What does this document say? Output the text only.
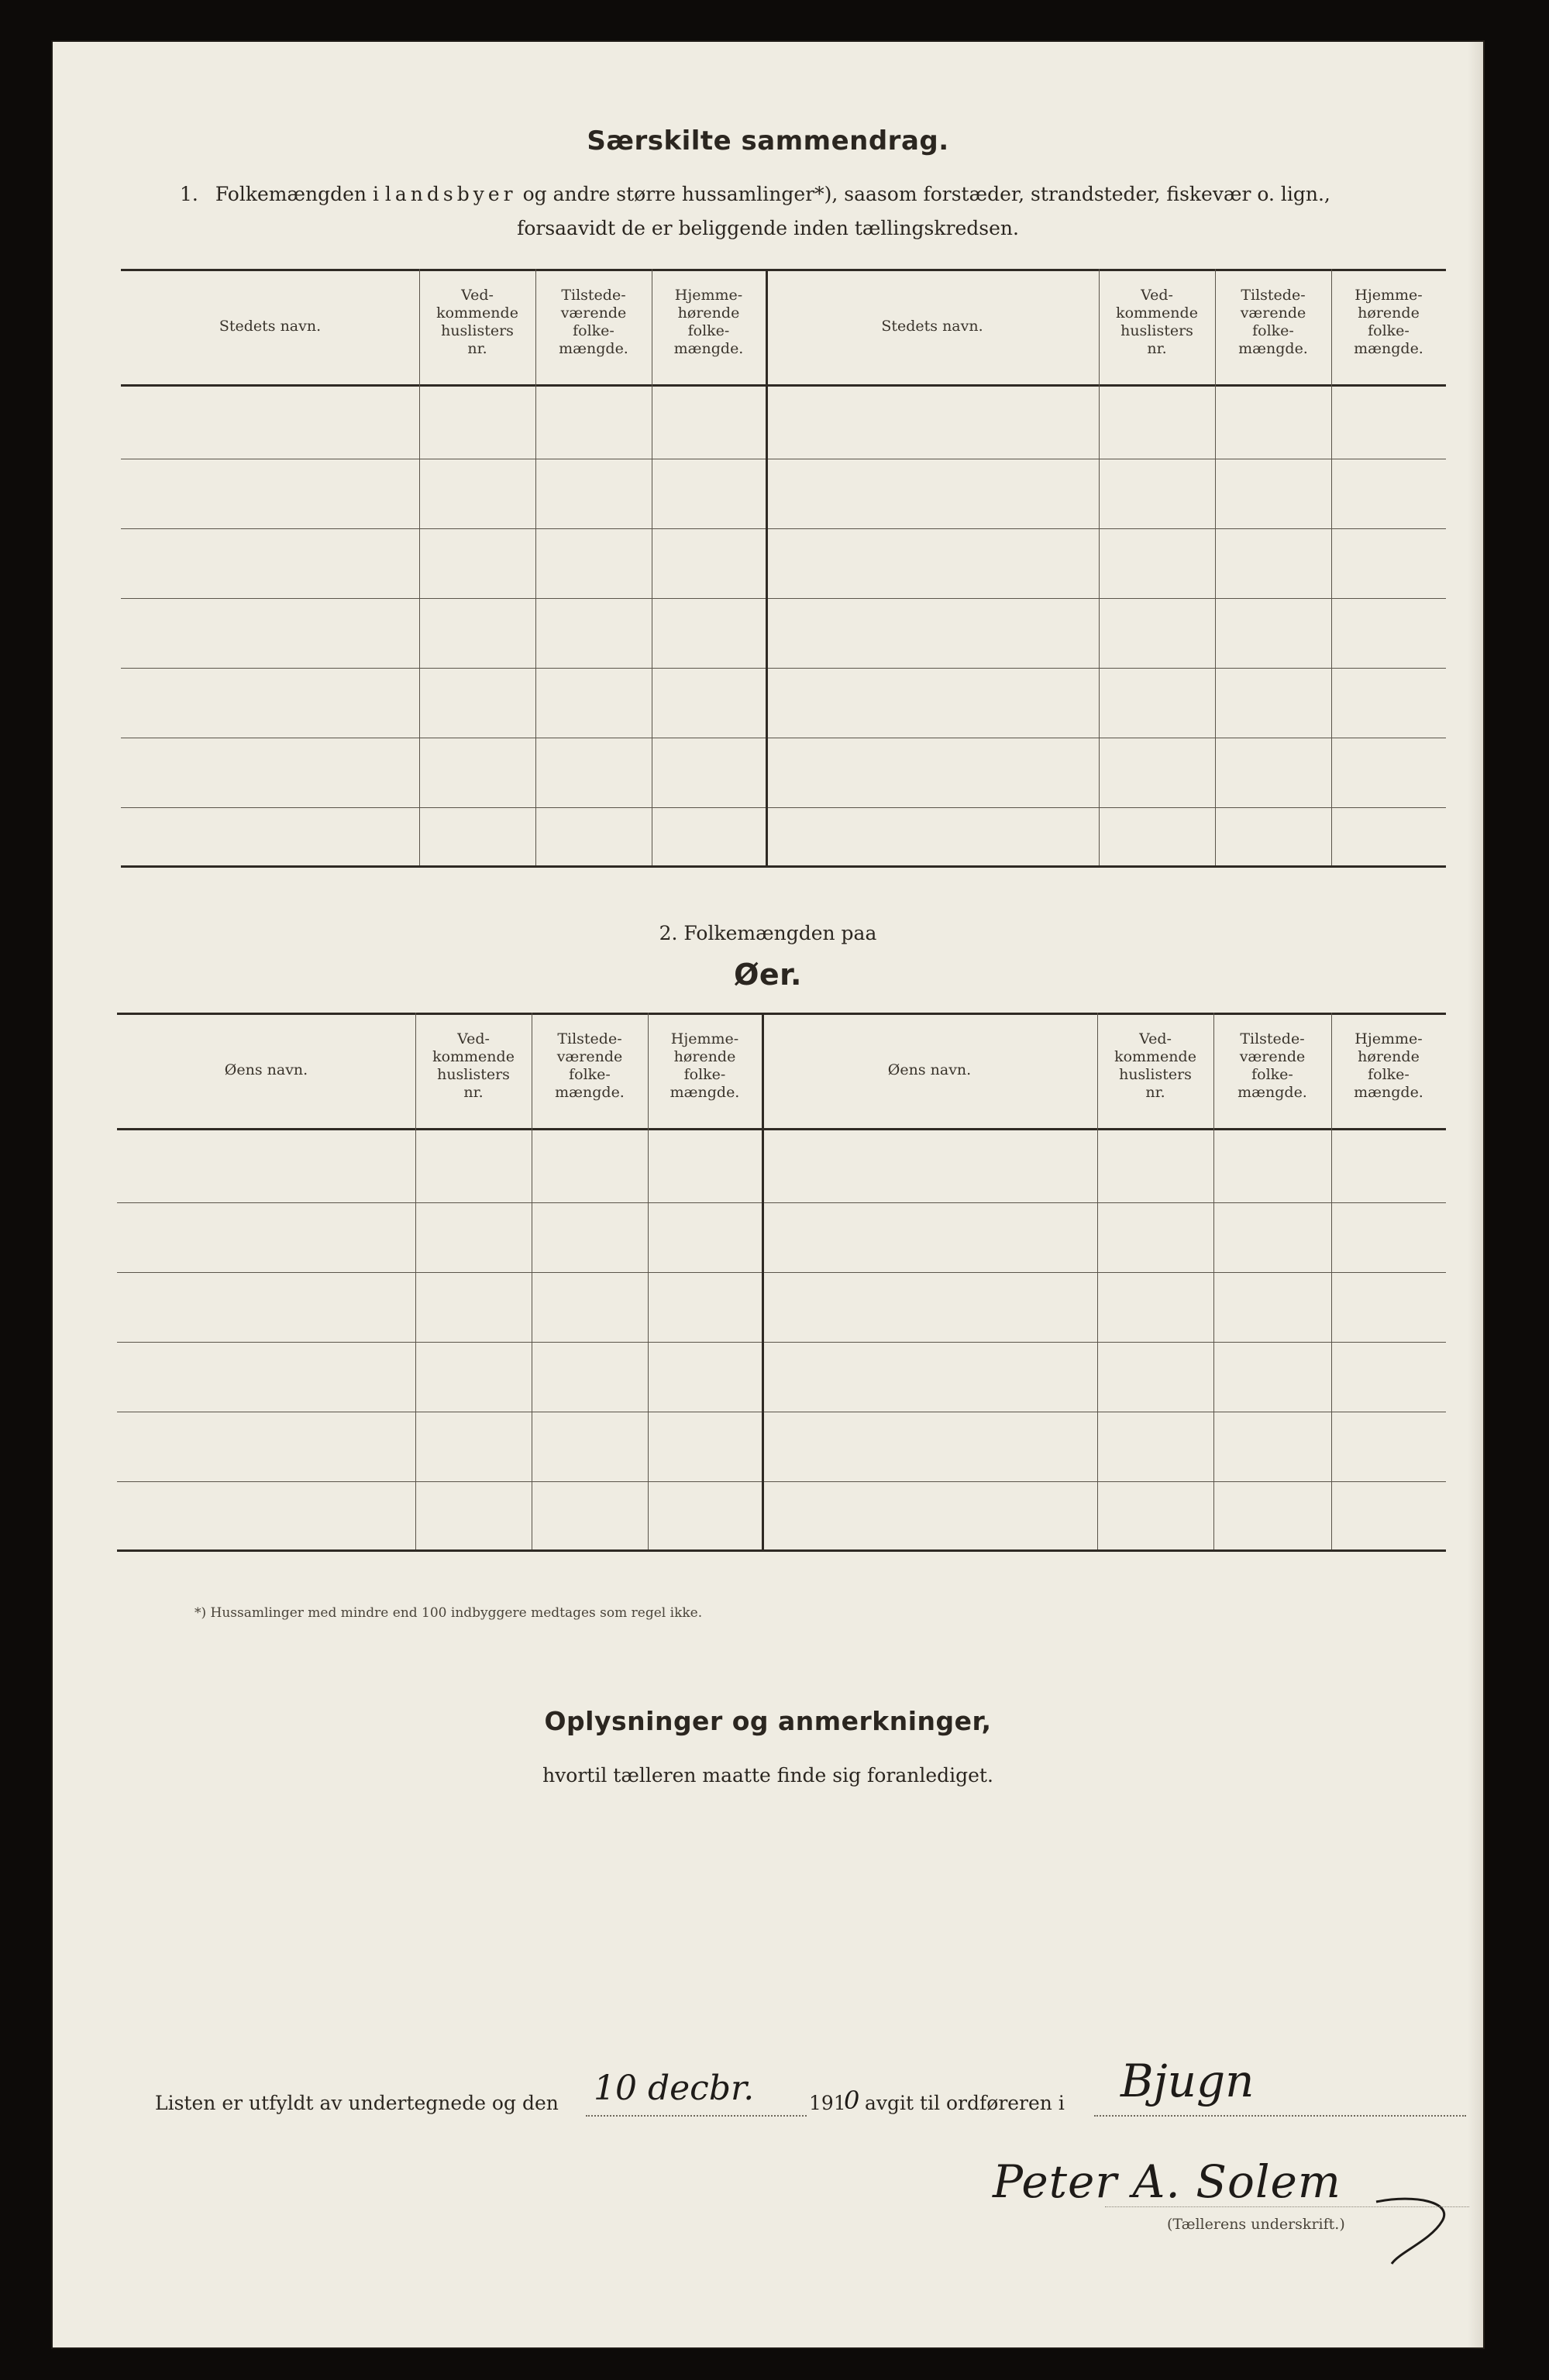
Særskilte sammendrag.
1. Folkemængden i landsbyer og andre større hussamlinger*), saasom forstæder, strandsteder, fiskevær o. lign.,
forsaavidt de er beliggende inden tællingskredsen.
Stedets navn.
Ved-
kommende
huslisters
nr.
Tilstede-
værende
folke-
mængde.
Hjemme-
hørende
folke-
mængde.
Stedets navn.
Ved-
kommende
huslisters
nr.
Tilstede-
værende
folke-
mængde.
Hjemme-
hørende
folke-
mængde.
2. Folkemængden paa
Øer.
Øens navn.
Ved-
kommende
huslisters
nr.
Tilstede-
værende
folke-
mængde.
Hjemme-
hørende
folke-
mængde.
Øens navn.
Ved-
kommende
huslisters
nr.
Tilstede-
værende
folke-
mængde.
Hjemme-
hørende
folke-
mængde.
*) Hussamlinger med mindre end 100 indbyggere medtages som regel ikke.
Oplysninger og anmerkninger,
hvortil tælleren maatte finde sig foranlediget.
Listen er utfyldt av undertegnede og den 10 decbr.	191
0 avgit til ordføreren i Bjugn
Peter A. Solem
(Tællerens underskrift.)
